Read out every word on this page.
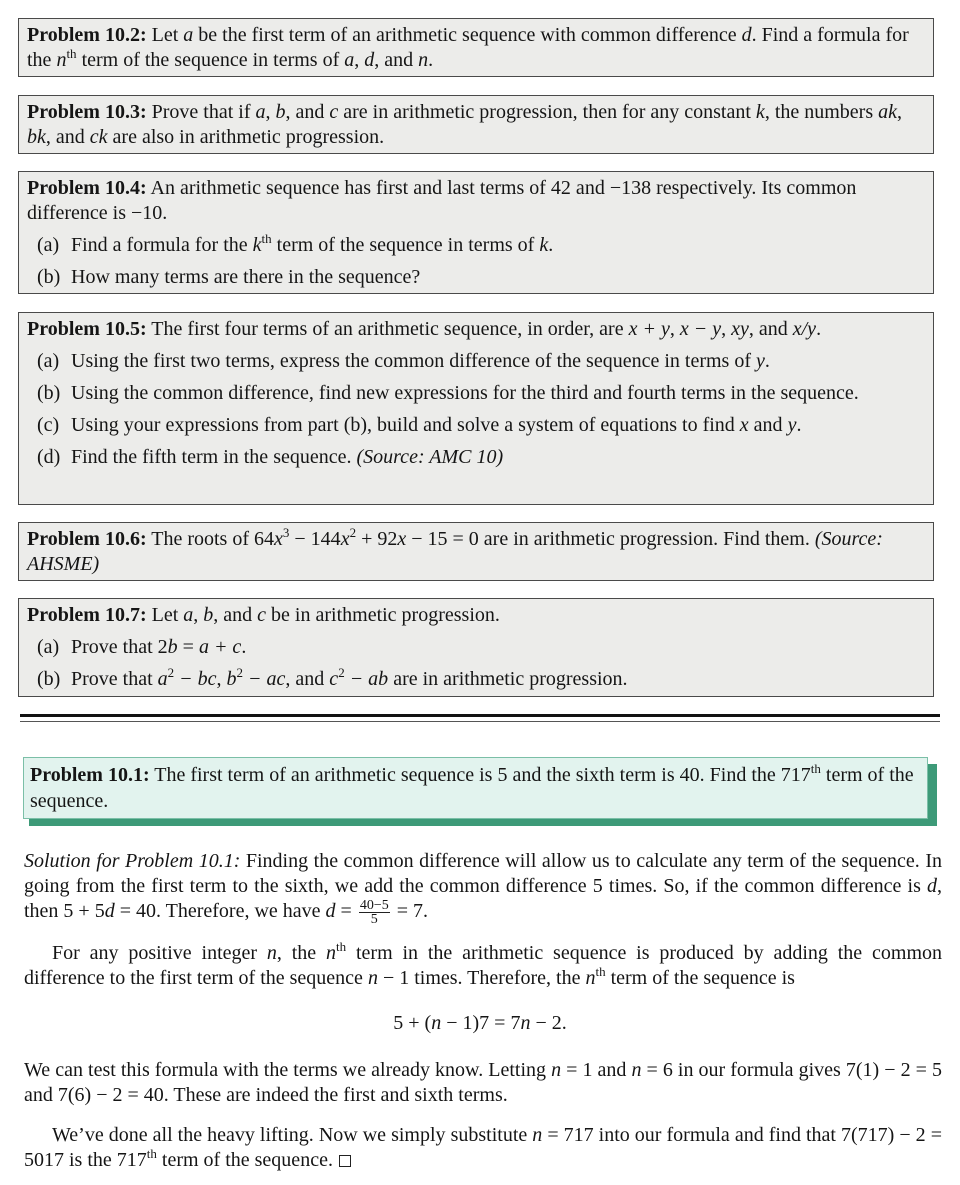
Problem 10.2: Let a be the first term of an arithmetic sequence with common difference d. Find a formula for the $n^{th}$ term of the sequence in terms of a, d, and n.
Problem 10.3: Prove that if a, b, and c are in arithmetic progression, then for any constant k, the numbers ak, bk, and ck are also in arithmetic progression.
Problem 10.4: An arithmetic sequence has first and last terms of 42 and −138 respectively. Its common difference is −10.
(a) Find a formula for the $k^{th}$ term of the sequence in terms of k.
(b) How many terms are there in the sequence?
Problem 10.5: The first four terms of an arithmetic sequence, in order, are x + y, x − y, xy, and x/y.
(a) Using the first two terms, express the common difference of the sequence in terms of y.
(b) Using the common difference, find new expressions for the third and fourth terms in the sequence.
(c) Using your expressions from part (b), build and solve a system of equations to find x and y.
(d) Find the fifth term in the sequence. (Source: AMC 10)
Problem 10.6: The roots of $64x^3 - 144x^2 + 92x - 15 = 0$ are in arithmetic progression. Find them. (Source: AHSME)
Problem 10.7: Let a, b, and c be in arithmetic progression.
(a) Prove that 2b = a + c.
(b) Prove that $a^2$ − bc, $b^2$ − ac, and $c^2$ − ab are in arithmetic progression.
Problem 10.1: The first term of an arithmetic sequence is 5 and the sixth term is 40. Find the 717th term of the sequence.
Solution for Problem 10.1: Finding the common difference will allow us to calculate any term of the sequence. In going from the first term to the sixth, we add the common difference 5 times. So, if the common difference is d, then 5 + 5d = 40. Therefore, we have $d = \frac{40-5}{5} = 7$.
For any positive integer n, the $n^{th}$ term in the arithmetic sequence is produced by adding the common difference to the first term of the sequence n − 1 times. Therefore, the $n^{th}$ term of the sequence is
5 + (n − 1)7 = 7n − 2.
We can test this formula with the terms we already know. Letting n = 1 and n = 6 in our formula gives 7(1) − 2 = 5 and 7(6) − 2 = 40. These are indeed the first and sixth terms.
We’ve done all the heavy lifting. Now we simply substitute n = 717 into our formula and find that 7(717) − 2 = 5017 is the 717th term of the sequence.
